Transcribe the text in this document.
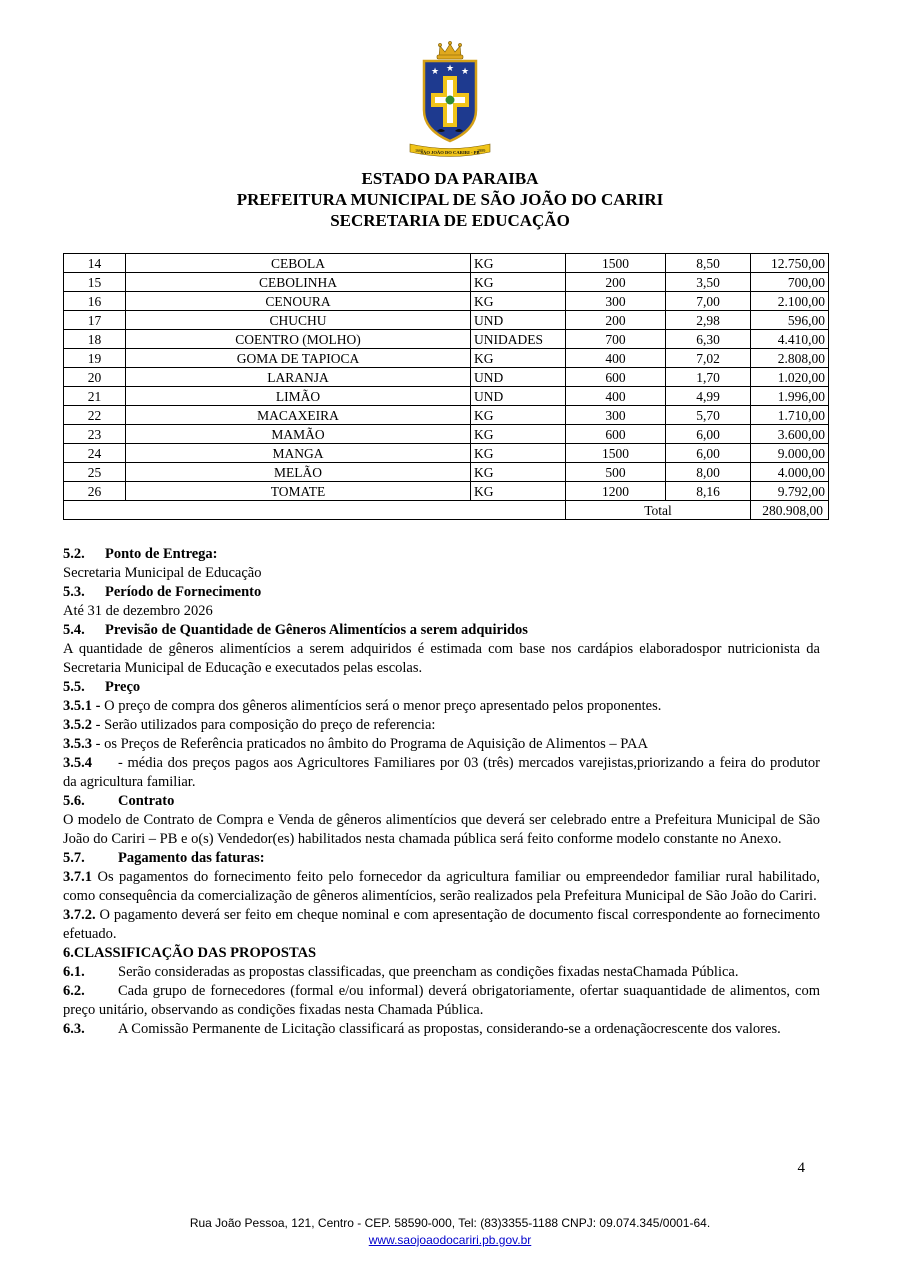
★ ★ ★
1669
SÃO JOÃO DO CARIRI - PB
1989
ESTADO DA PARAIBA
PREFEITURA MUNICIPAL DE SÃO JOÃO DO CARIRI
SECRETARIA DE EDUCAÇÃO
14	CEBOLA	KG	1500	8,50	12.750,00
15	CEBOLINHA	KG	200	3,50	700,00
16	CENOURA	KG	300	7,00	2.100,00
17	CHUCHU	UND	200	2,98	596,00
18	COENTRO (MOLHO)	UNIDADES	700	6,30	4.410,00
19	GOMA DE TAPIOCA	KG	400	7,02	2.808,00
20	LARANJA	UND	600	1,70	1.020,00
21	LIMÃO	UND	400	4,99	1.996,00
22	MACAXEIRA	KG	300	5,70	1.710,00
23	MAMÃO	KG	600	6,00	3.600,00
24	MANGA	KG	1500	6,00	9.000,00
25	MELÃO	KG	500	8,00	4.000,00
26	TOMATE	KG	1200	8,16	9.792,00
			Total		280.908,00

5.2. Ponto de Entrega:

Secretaria Municipal de Educação

5.3. Período de Fornecimento

Até 31 de dezembro 2026

5.4. Previsão de Quantidade de Gêneros Alimentícios a serem adquiridos

A quantidade de gêneros alimentícios a serem adquiridos é estimada com base nos cardápios elaboradospor nutricionista da Secretaria Municipal de Educação e executados pelas escolas.

5.5. Preço

3.5.1 - O preço de compra dos gêneros alimentícios será o menor preço apresentado pelos proponentes.

3.5.2 - Serão utilizados para composição do preço de referencia:

3.5.3 - os Preços de Referência praticados no âmbito do Programa de Aquisição de Alimentos – PAA

3.5.4 - média dos preços pagos aos Agricultores Familiares por 03 (três) mercados varejistas,priorizando a feira do produtor da agricultura familiar.

5.6. Contrato

O modelo de Contrato de Compra e Venda de gêneros alimentícios que deverá ser celebrado entre a Prefeitura Municipal de São João do Cariri – PB e o(s) Vendedor(es) habilitados nesta chamada pública será feito conforme modelo constante no Anexo.

5.7. Pagamento das faturas:

3.7.1 Os pagamentos do fornecimento feito pelo fornecedor da agricultura familiar ou empreendedor familiar rural habilitado, como consequência da comercialização de gêneros alimentícios, serão realizados pela Prefeitura Municipal de São João do Cariri.

3.7.2. O pagamento deverá ser feito em cheque nominal e com apresentação de documento fiscal correspondente ao fornecimento efetuado.

6.CLASSIFICAÇÃO DAS PROPOSTAS

6.1. Serão consideradas as propostas classificadas, que preencham as condições fixadas nestaChamada Pública.

6.2. Cada grupo de fornecedores (formal e/ou informal) deverá obrigatoriamente, ofertar suaquantidade de alimentos, com preço unitário, observando as condições fixadas nesta Chamada Pública.

6.3. A Comissão Permanente de Licitação classificará as propostas, considerando-se a ordenaçãocrescente dos valores.

4
Rua João Pessoa, 121, Centro - CEP. 58590-000, Tel: (83)3355-1188 CNPJ: 09.074.345/0001-64.
www.saojoaodocariri.pb.gov.br
